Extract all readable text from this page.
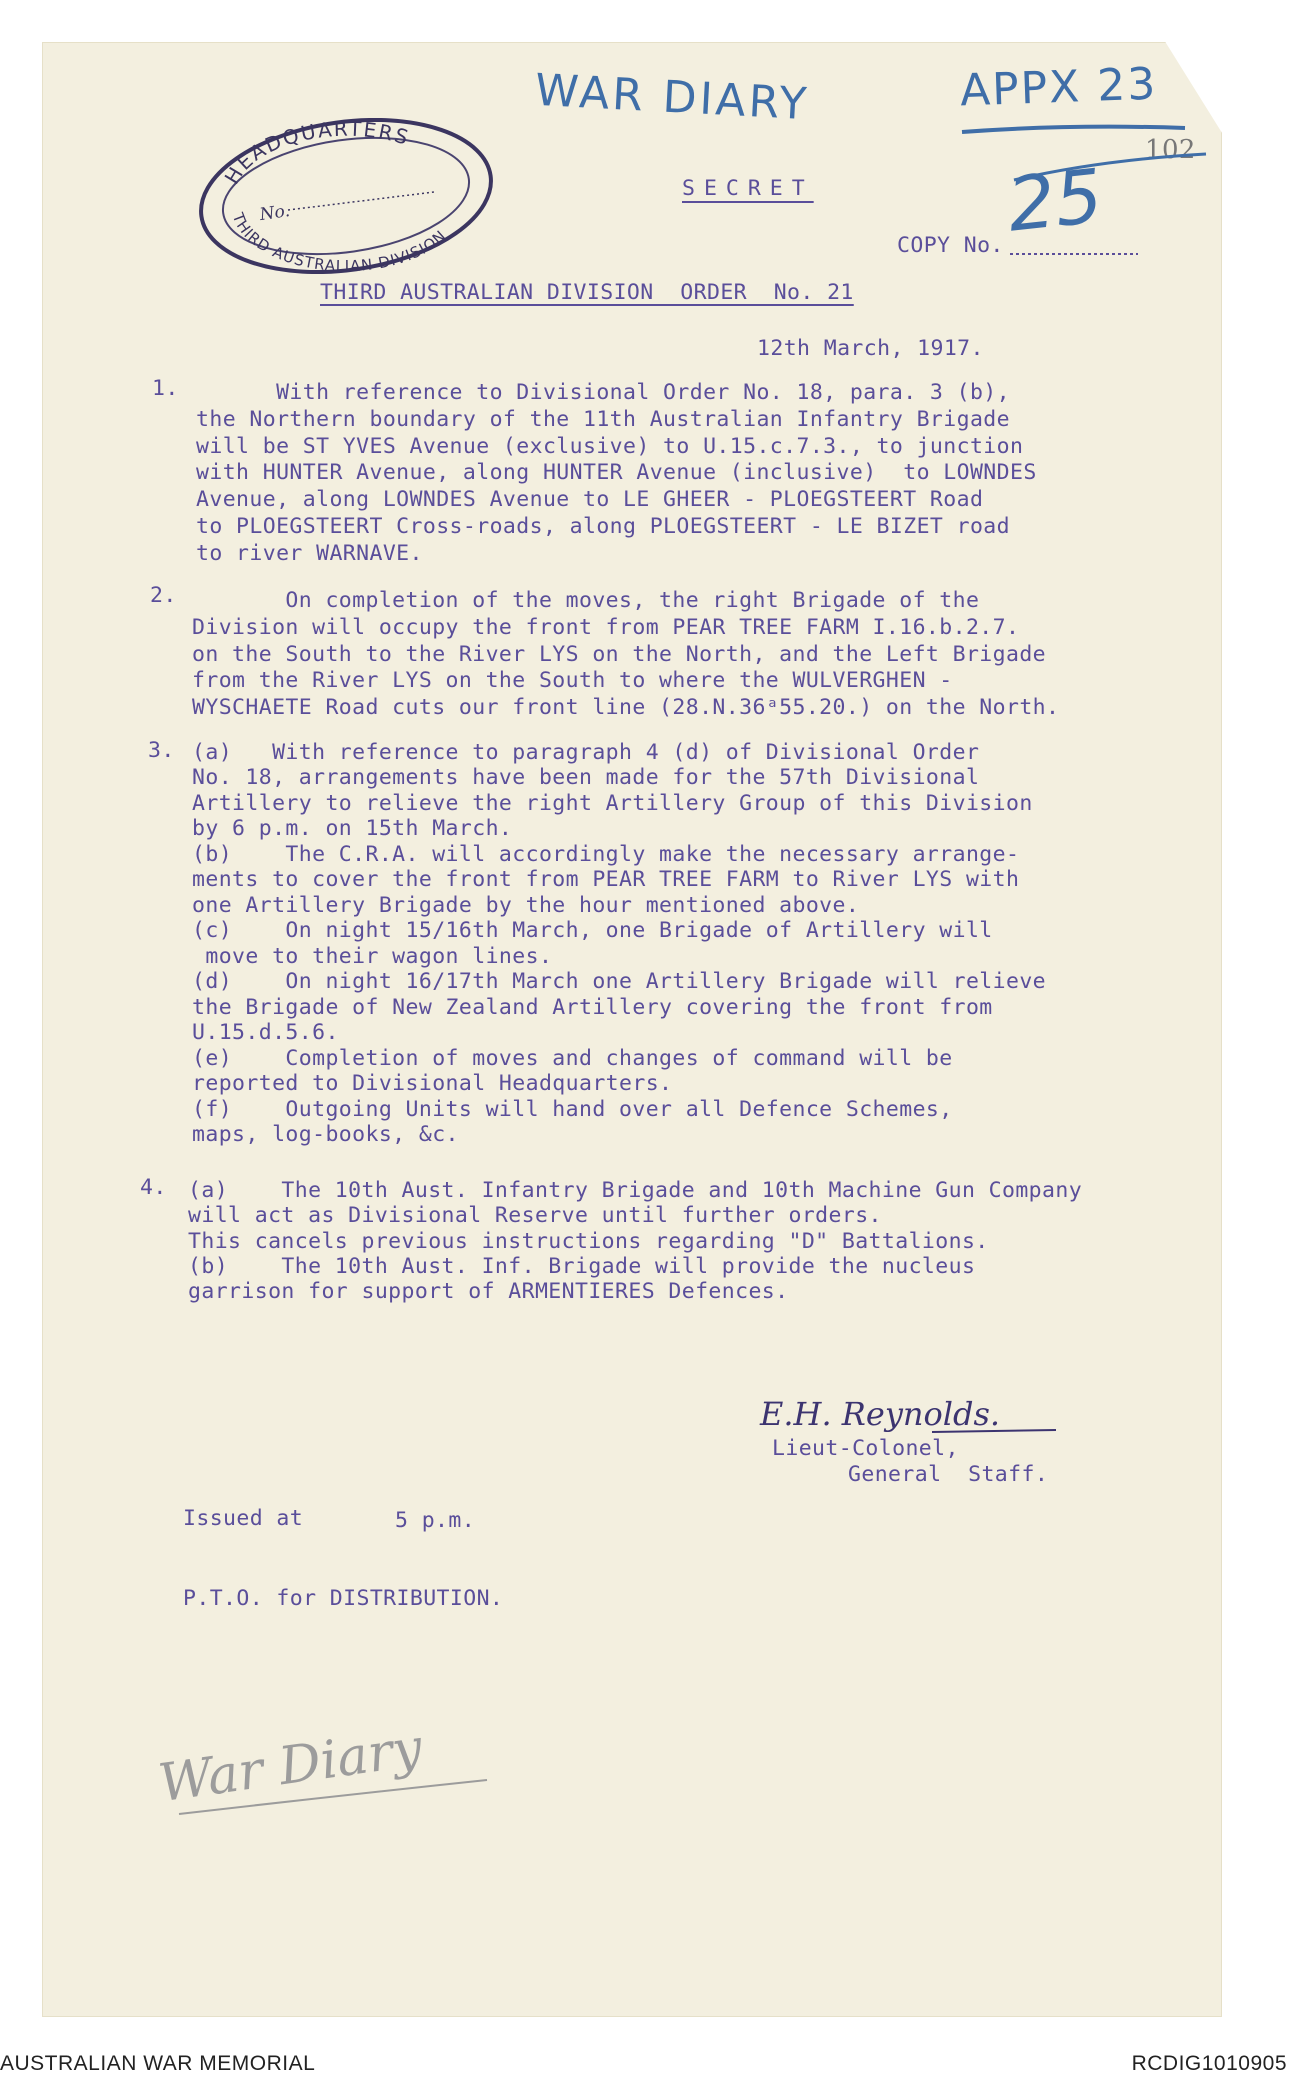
HEADQUARTERS
THIRD AUSTRALIAN DIVISION
No.
WAR DIARY	APPX 23
102
25
SECRET
COPY No.
THIRD AUSTRALIAN DIVISION  ORDER  No. 21
12th March, 1917.
1. With reference to Divisional Order No. 18, para. 3 (b),
the Northern boundary of the 11th Australian Infantry Brigade
will be ST YVES Avenue (exclusive) to U.15.c.7.3., to junction
with HUNTER Avenue, along HUNTER Avenue (inclusive)  to LOWNDES
Avenue, along LOWNDES Avenue to LE GHEER - PLOEGSTEERT Road
to PLOEGSTEERT Cross-roads, along PLOEGSTEERT - LE BIZET road
to river WARNAVE.
2. On completion of the moves, the right Brigade of the
Division will occupy the front from PEAR TREE FARM I.16.b.2.7.
on the South to the River LYS on the North, and the Left Brigade
from the River LYS on the South to where the WULVERGHEN -
WYSCHAETE Road cuts our front line (28.N.36ᵃ55.20.) on the North.
3. (a)   With reference to paragraph 4 (d) of Divisional Order
No. 18, arrangements have been made for the 57th Divisional
Artillery to relieve the right Artillery Group of this Division
by 6 p.m. on 15th March.
(b)    The C.R.A. will accordingly make the necessary arrange-
ments to cover the front from PEAR TREE FARM to River LYS with
one Artillery Brigade by the hour mentioned above.
(c)    On night 15/16th March, one Brigade of Artillery will
move to their wagon lines.
(d)    On night 16/17th March one Artillery Brigade will relieve
the Brigade of New Zealand Artillery covering the front from
U.15.d.5.6.
(e)    Completion of moves and changes of command will be
reported to Divisional Headquarters.
(f)    Outgoing Units will hand over all Defence Schemes,
maps, log-books, &c.
4. (a)    The 10th Aust. Infantry Brigade and 10th Machine Gun Company
will act as Divisional Reserve until further orders.
This cancels previous instructions regarding "D" Battalions.
(b)    The 10th Aust. Inf. Brigade will provide the nucleus
garrison for support of ARMENTIERES Defences.
E.H. Reynolds.
Lieut-Colonel,
General  Staff.
Issued at	5 p.m.
P.T.O. for DISTRIBUTION.
War Diary
AUSTRALIAN WAR MEMORIAL	RCDIG1010905
